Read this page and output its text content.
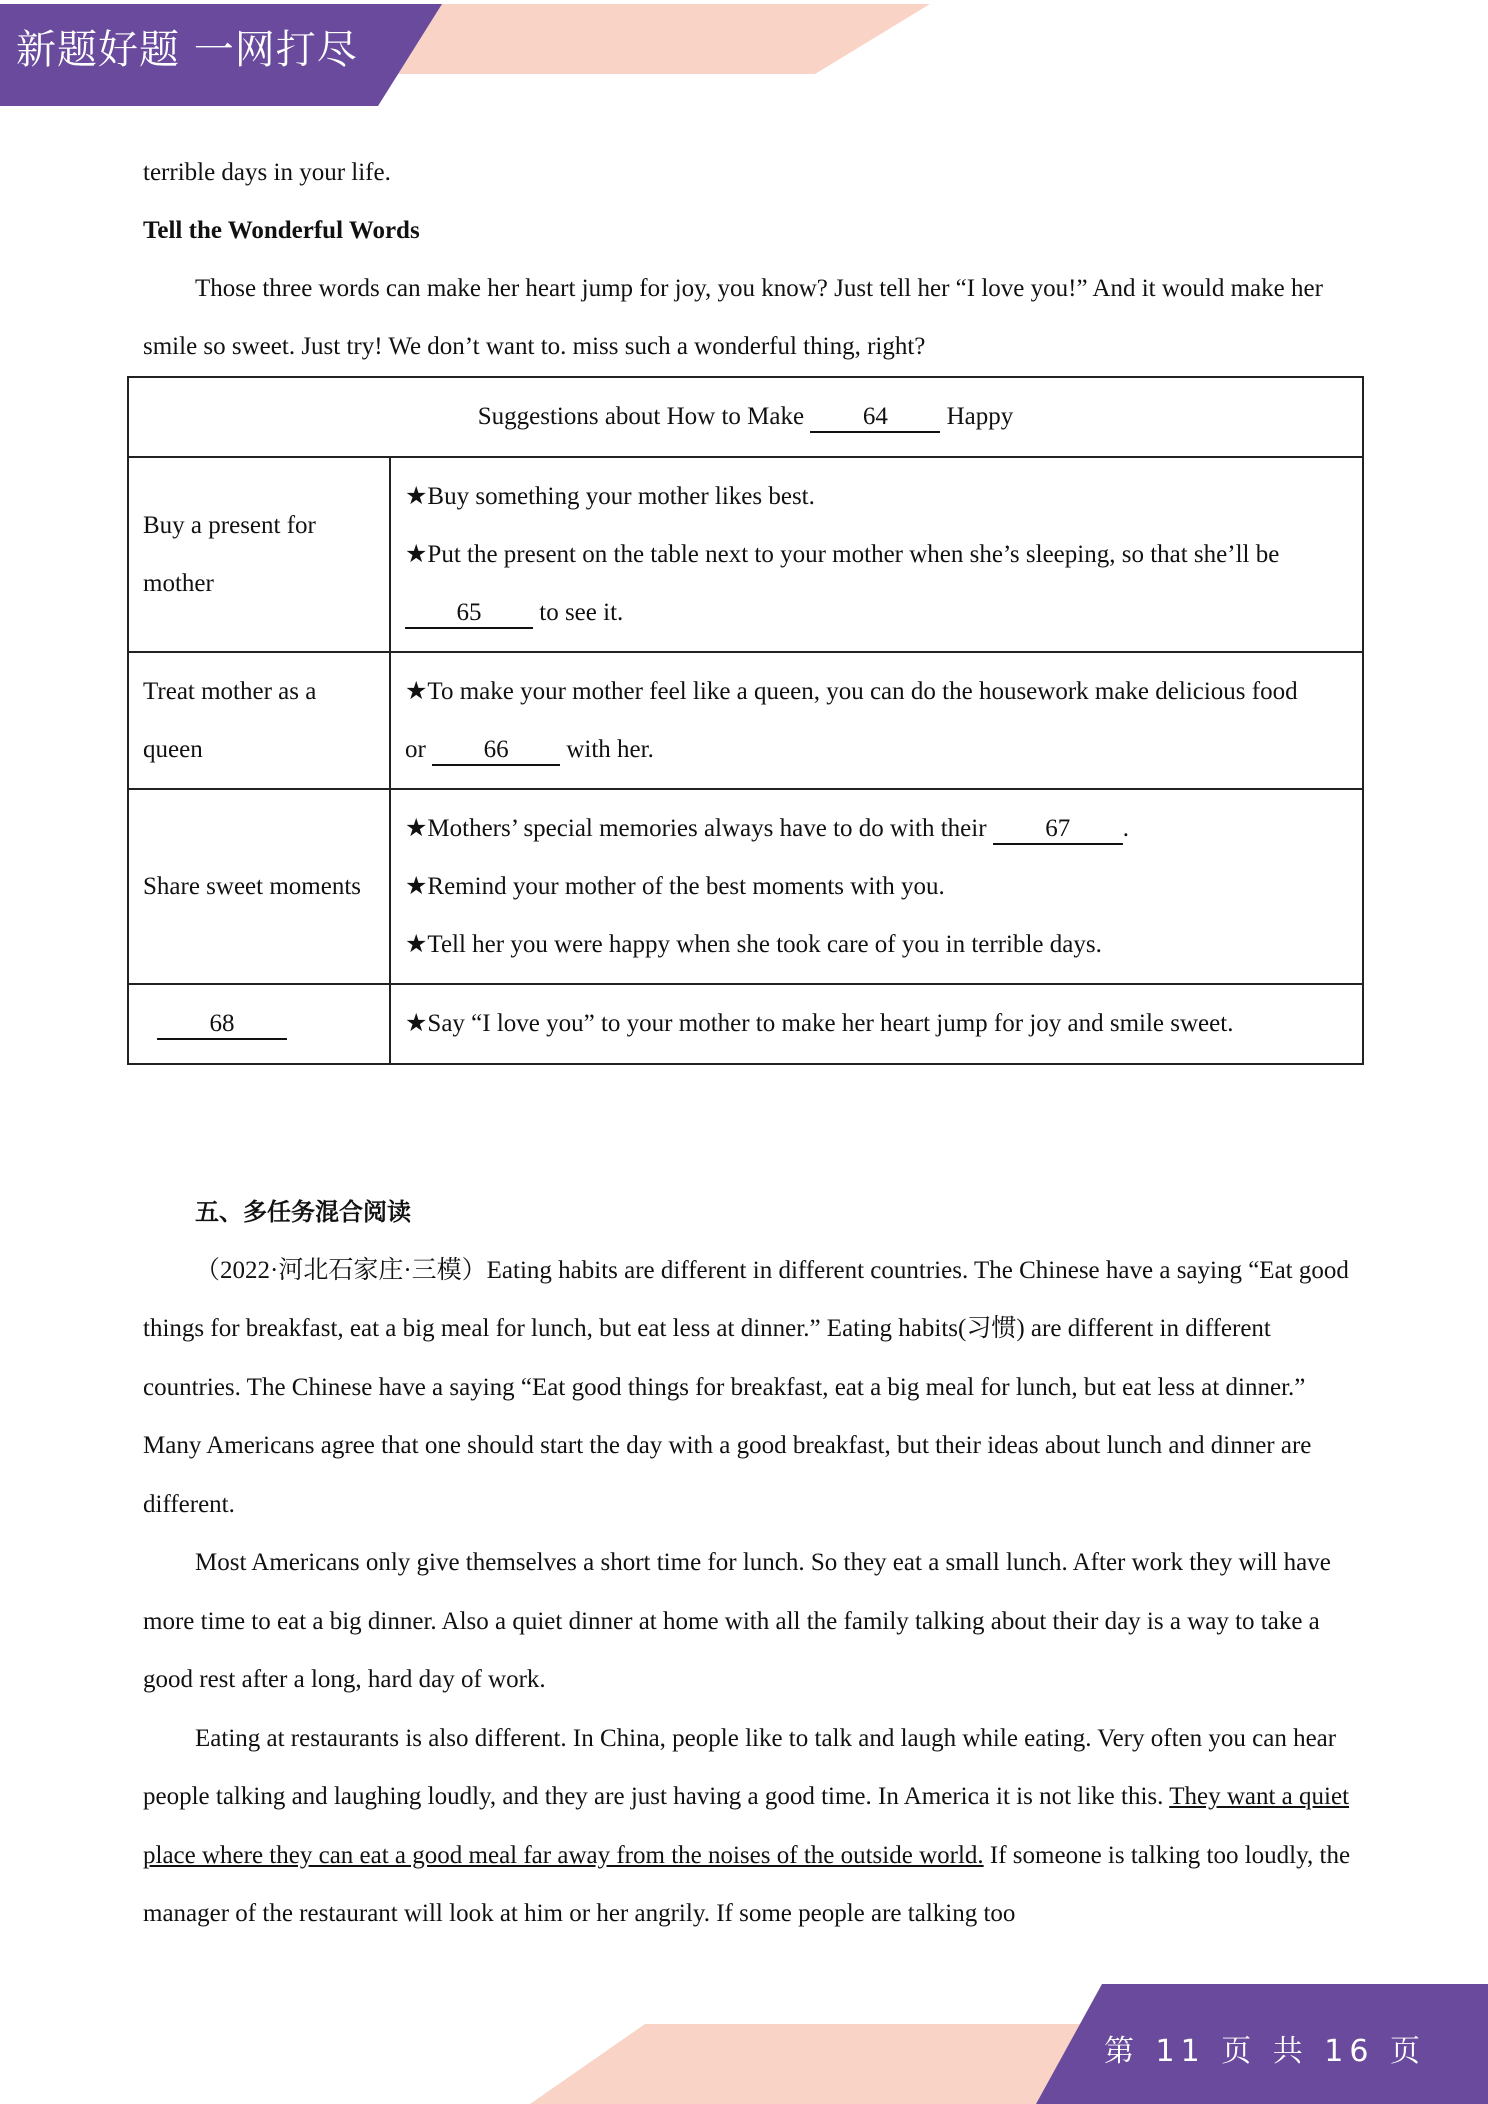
新题好题 一网打尽

terrible days in your life.

Tell the Wonderful Words

Those three words can make her heart jump for joy, you know? Just tell her “I love you!” And it would make her smile so sweet. Just try! We don’t want to. miss such a wonderful thing, right?

Suggestions about How to Make 64 Happy	
Buy a present for mother	★Buy something your mother likes best.
★Put the present on the table next to your mother when she’s sleeping, so that she’ll be
65 to see it.

Treat mother as a queen	★To make your mother feel like a queen, you can do the housework make delicious food
or 66 with her.

Share sweet moments	★Mothers’ special memories always have to do with their 67 .
★Remind your mother of the best moments with you.
★Tell her you were happy when she took care of you in terrible days.

68	★Say “I love you” to your mother to make her heart jump for joy and smile sweet.

五、多任务混合阅读

（2022·河北石家庄·三模）Eating habits are different in different countries. The Chinese have a saying “Eat good things for breakfast, eat a big meal for lunch, but eat less at dinner.” Eating habits(习惯) are different in different countries. The Chinese have a saying “Eat good things for breakfast, eat a big meal for lunch, but eat less at dinner.” Many Americans agree that one should start the day with a good breakfast, but their ideas about lunch and dinner are different.

Most Americans only give themselves a short time for lunch. So they eat a small lunch. After work they will have more time to eat a big dinner. Also a quiet dinner at home with all the family talking about their day is a way to take a good rest after a long, hard day of work.

Eating at restaurants is also different. In China, people like to talk and laugh while eating. Very often you can hear people talking and laughing loudly, and they are just having a good time. In America it is not like this. They want a quiet place where they can eat a good meal far away from the noises of the outside world. If someone is talking too loudly, the manager of the restaurant will look at him or her angrily. If some people are talking too

第 11 页 共 16 页
